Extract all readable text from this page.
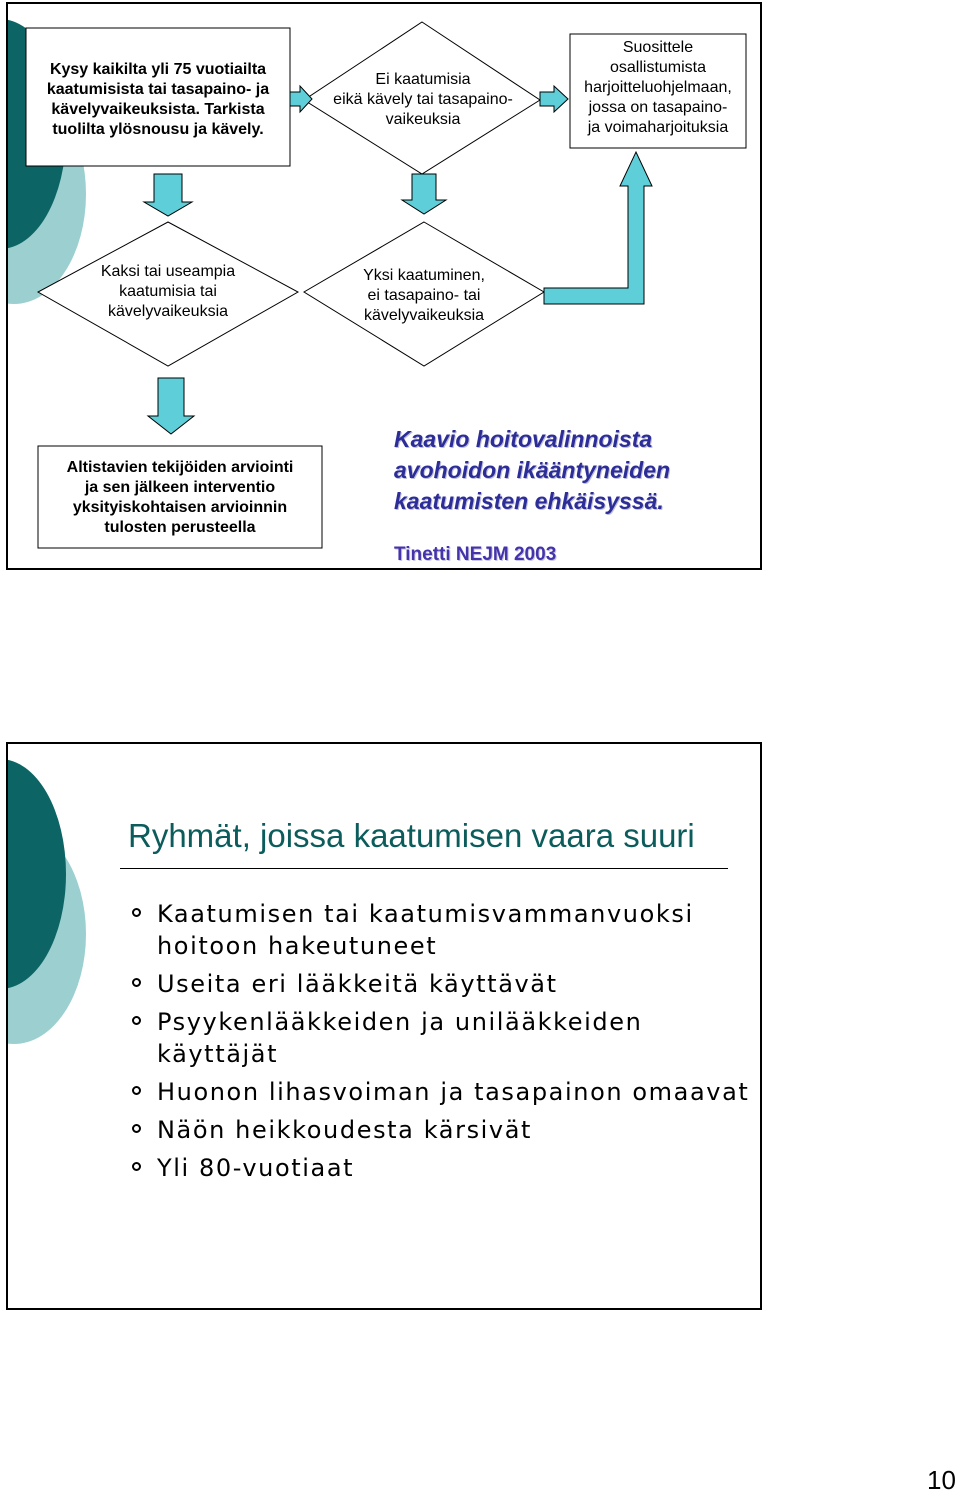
Kysy kaikilta yli 75 vuotiailta
kaatumisista tai tasapaino- ja
kävelyvaikeuksista. Tarkista
tuolilta ylösnousu ja kävely.
Ei kaatumisia
eikä kävely tai tasapaino-
vaikeuksia
Suosittele
osallistumista
harjoitteluohjelmaan,
jossa on tasapaino-
ja voimaharjoituksia
Kaksi tai useampia
kaatumisia tai
kävelyvaikeuksia
Yksi kaatuminen,
ei tasapaino- tai
kävelyvaikeuksia
Altistavien tekijöiden arviointi
ja sen jälkeen interventio
yksityiskohtaisen arvioinnin
tulosten perusteella
Kaavio hoitovalinnoista
avohoidon ikääntyneiden
kaatumisten ehkäisyssä.
Tinetti NEJM 2003
Ryhmät, joissa kaatumisen vaara suuri
Kaatumisen tai kaatumisvammanvuoksi hoitoon hakeutuneet
Useita eri lääkkeitä käyttävät
Psyykenlääkkeiden ja unilääkkeiden käyttäjät
Huonon lihasvoiman ja tasapainon omaavat
Näön heikkoudesta kärsivät
Yli 80-vuotiaat
10
